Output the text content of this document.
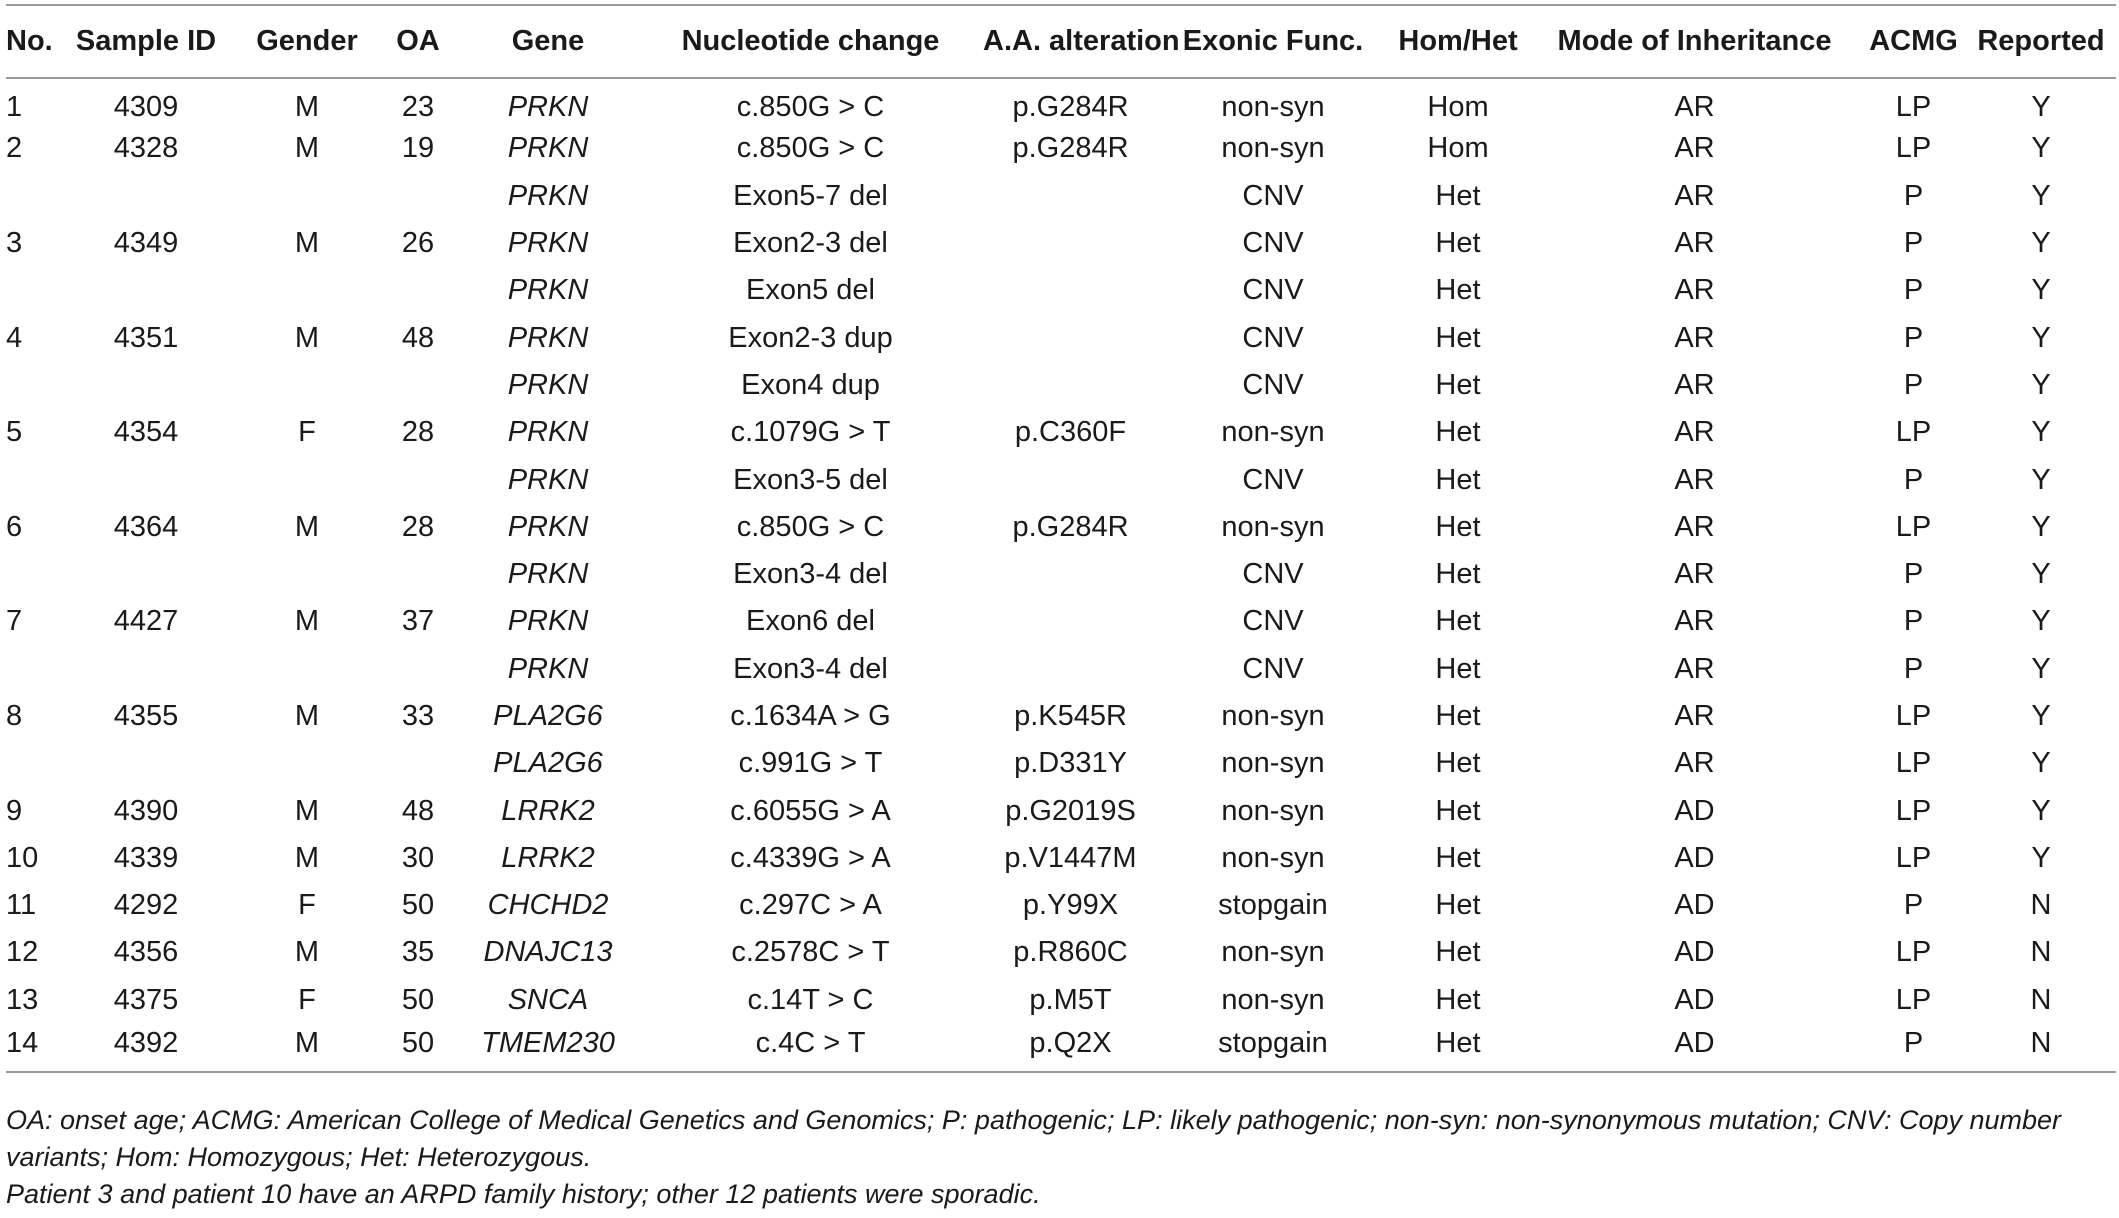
No.	Sample ID	Gender	OA	Gene	Nucleotide change	A.A. alteration	Exonic Func.	Hom/Het	Mode of Inheritance	ACMG	Reported
1	4309	M	23	PRKN	c.850G > C	p.G284R	non-syn	Hom	AR	LP	Y
2	4328	M	19	PRKN	c.850G > C	p.G284R	non-syn	Hom	AR	LP	Y
				PRKN	Exon5-7 del		CNV	Het	AR	P	Y
3	4349	M	26	PRKN	Exon2-3 del		CNV	Het	AR	P	Y
				PRKN	Exon5 del		CNV	Het	AR	P	Y
4	4351	M	48	PRKN	Exon2-3 dup		CNV	Het	AR	P	Y
				PRKN	Exon4 dup		CNV	Het	AR	P	Y
5	4354	F	28	PRKN	c.1079G > T	p.C360F	non-syn	Het	AR	LP	Y
				PRKN	Exon3-5 del		CNV	Het	AR	P	Y
6	4364	M	28	PRKN	c.850G > C	p.G284R	non-syn	Het	AR	LP	Y
				PRKN	Exon3-4 del		CNV	Het	AR	P	Y
7	4427	M	37	PRKN	Exon6 del		CNV	Het	AR	P	Y
				PRKN	Exon3-4 del		CNV	Het	AR	P	Y
8	4355	M	33	PLA2G6	c.1634A > G	p.K545R	non-syn	Het	AR	LP	Y
				PLA2G6	c.991G > T	p.D331Y	non-syn	Het	AR	LP	Y
9	4390	M	48	LRRK2	c.6055G > A	p.G2019S	non-syn	Het	AD	LP	Y
10	4339	M	30	LRRK2	c.4339G > A	p.V1447M	non-syn	Het	AD	LP	Y
11	4292	F	50	CHCHD2	c.297C > A	p.Y99X	stopgain	Het	AD	P	N
12	4356	M	35	DNAJC13	c.2578C > T	p.R860C	non-syn	Het	AD	LP	N
13	4375	F	50	SNCA	c.14T > C	p.M5T	non-syn	Het	AD	LP	N
14	4392	M	50	TMEM230	c.4C > T	p.Q2X	stopgain	Het	AD	P	N

OA: onset age; ACMG: American College of Medical Genetics and Genomics; P: pathogenic; LP: likely pathogenic; non-syn: non-synonymous mutation; CNV: Copy number variants; Hom: Homozygous; Het: Heterozygous.

Patient 3 and patient 10 have an ARPD family history; other 12 patients were sporadic.
